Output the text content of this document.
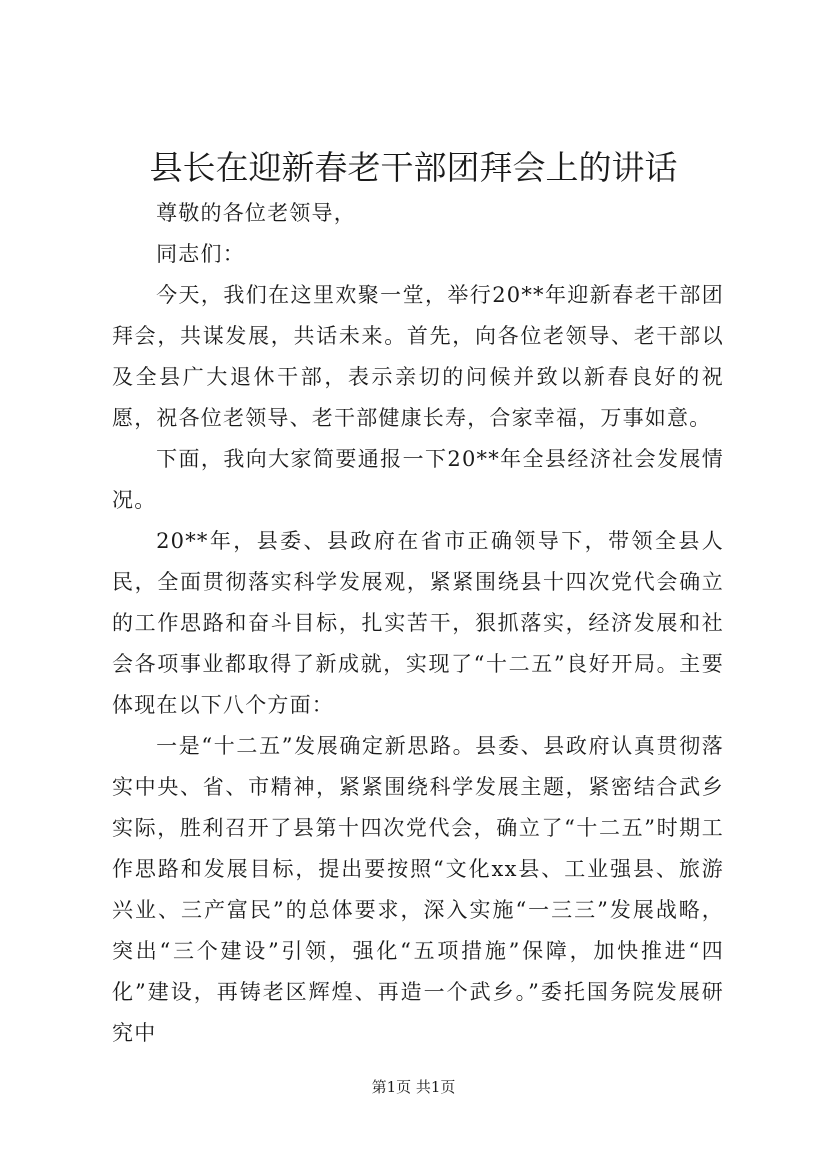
县长在迎新春老干部团拜会上的讲话

尊敬的各位老领导，

同志们：

今天，我们在这里欢聚一堂，举行20**年迎新春老干部团拜会，共谋发展，共话未来。首先，向各位老领导、老干部以及全县广大退休干部，表示亲切的问候并致以新春良好的祝愿，祝各位老领导、老干部健康长寿，合家幸福，万事如意。

下面，我向大家简要通报一下20**年全县经济社会发展情况。

20**年，县委、县政府在省市正确领导下，带领全县人民，全面贯彻落实科学发展观，紧紧围绕县十四次党代会确立的工作思路和奋斗目标，扎实苦干，狠抓落实，经济发展和社会各项事业都取得了新成就，实现了“十二五”良好开局。主要体现在以下八个方面：

一是“十二五”发展确定新思路。县委、县政府认真贯彻落实中央、省、市精神，紧紧围绕科学发展主题，紧密结合武乡实际，胜利召开了县第十四次党代会，确立了“十二五”时期工作思路和发展目标，提出要按照“文化xx县、工业强县、旅游兴业、三产富民”的总体要求，深入实施“一三三”发展战略，突出“三个建设”引领，强化“五项措施”保障，加快推进“四化”建设，再铸老区辉煌、再造一个武乡。”委托国务院发展研究中

第1页 共1页
